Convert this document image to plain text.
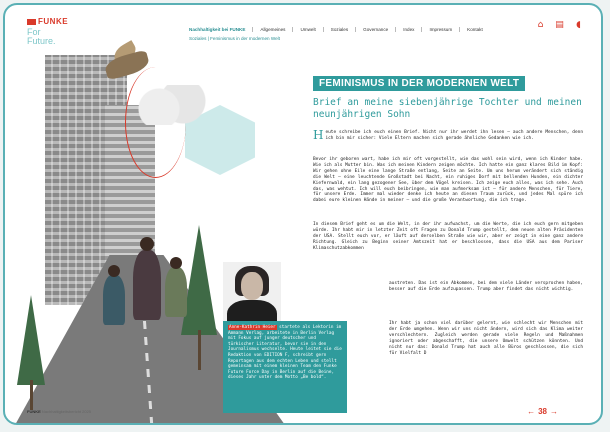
FUNKE
For
Future.
Nachhaltigkeit bei FUNKE	Allgemeines	Umwelt	Soziales	Governance	Index	Impressum	Kontakt
Soziales | Feminismus in der modernen Welt
⌂ ▤ ◖
Anne-Kathrin Heier startete als Lektorin im Ammann Verlag, arbeitete in Berlin Verlag mit Fokus auf junger deutscher und türkischer Literatur, bevor sie in den Journalismus wechselte. Heute leitet sie die Redaktion von EDITION F, schreibt gern Reportagen aus dem echten Leben und stellt gemeinsam mit einem kleinen Team den Funke Future Force Day in Berlin auf die Beine, dieses Jahr unter dem Motto „Be bold“.
FEMINISMUS IN DER MODERNEN WELT
Brief an meine siebenjährige Tochter und meinen neunjährigen Sohn
Heute schreibe ich euch einen Brief. Nicht nur ihr werdet ihn lesen – auch andere Menschen, denn ich bin mir sicher: Viele Eltern machen sich gerade ähnliche Gedanken wie ich.
Bevor ihr geboren wart, habe ich mir oft vorgestellt, wie das wohl sein wird, wenn ich Kinder habe. Wie ich als Mutter bin. Was ich meinen Kindern zeigen möchte. Ich hatte ein ganz klares Bild im Kopf: Wir gehen ohne Eile eine lange Straße entlang, Seite an Seite. Um uns herum verändert sich ständig die Welt – eine leuchtende Großstadt bei Nacht, ein ruhiges Dorf mit bellenden Hunden, ein dichter Kiefernwald, ein lang gezogener See, über dem Vögel kreisen. Ich zeige euch alles, was ich sehe. Auch das, was wehtut. Ich will euch beibringen, wie man aufmerksam ist – für andere Menschen, für Tiere, für unsere Erde. Immer mal wieder denke ich heute an diesen Traum zurück, und jedes Mal spüre ich dabei eure kleinen Hände in meiner – und die große Verantwortung, die ich trage.
In diesem Brief geht es um die Welt, in der ihr aufwachst, um die Werte, die ich euch gern mitgeben würde. Ihr habt mir in letzter Zeit oft Fragen zu Donald Trump gestellt, dem neuen alten Präsidenten der USA. Stellt euch vor, er läuft auf derselben Straße wie wir, aber er zeigt in eine ganz andere Richtung. Gleich zu Beginn seiner Amtszeit hat er beschlossen, dass die USA aus dem Pariser Klimaschutzabkommen
austreten. Das ist ein Abkommen, bei dem viele Länder versprochen haben, besser auf die Erde aufzupassen. Trump aber findet das nicht wichtig.
Ihr habt ja schon viel darüber gelernt, wie schlecht wir Menschen mit der Erde umgehen. Wenn wir uns nicht ändern, wird sich das Klima weiter verschlechtern. Zugleich werden gerade viele Regeln und Maßnahmen ignoriert oder abgeschafft, die unsere Umwelt schützen könnten. Und nicht nur das: Donald Trump hat auch alle Büros geschlossen, die sich für Vielfalt D
FUNKE Nachhaltigkeitsbericht 2025	← 38 →
